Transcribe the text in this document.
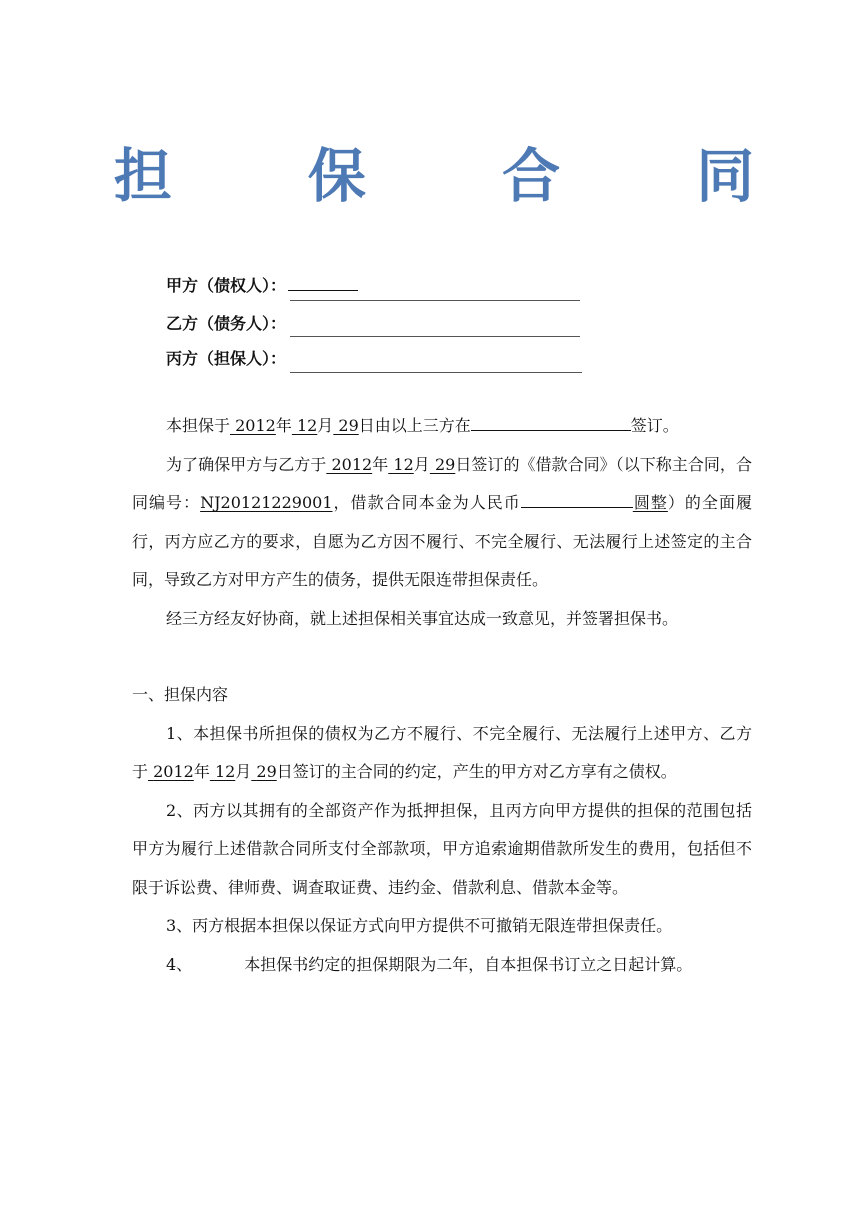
担 保 合 同
甲方（债权人）：
乙方（债务人）：
丙方（担保人）：

本担保于 2012年 12月 29日由以上三方在	签订。

为了确保甲方与乙方于 2012年 12月 29日签订的《借款合同》（以下称主合同，合同编号：NJ20121229001，借款合同本金为人民币	圆整）的全面履行，丙方应乙方的要求，自愿为乙方因不履行、不完全履行、无法履行上述签定的主合同，导致乙方对甲方产生的债务，提供无限连带担保责任。

经三方经友好协商，就上述担保相关事宜达成一致意见，并签署担保书。

一、担保内容

1、本担保书所担保的债权为乙方不履行、不完全履行、无法履行上述甲方、乙方于 2012年 12月 29日签订的主合同的约定，产生的甲方对乙方享有之债权。

2、丙方以其拥有的全部资产作为抵押担保，且丙方向甲方提供的担保的范围包括甲方为履行上述借款合同所支付全部款项，甲方追索逾期借款所发生的费用，包括但不限于诉讼费、律师费、调查取证费、违约金、借款利息、借款本金等。

3、丙方根据本担保以保证方式向甲方提供不可撤销无限连带担保责任。

4、	本担保书约定的担保期限为二年，自本担保书订立之日起计算。
